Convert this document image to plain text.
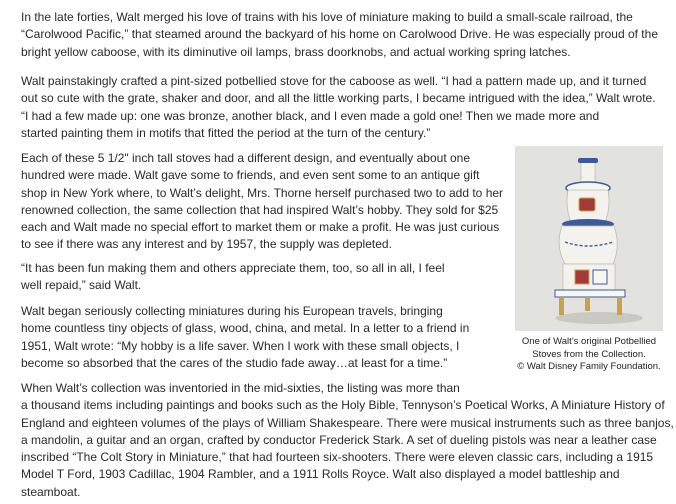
In the late forties, Walt merged his love of trains with his love of miniature making to build a small-scale railroad, the
“Carolwood Pacific,” that steamed around the backyard of his home on Carolwood Drive. He was especially proud of the
bright yellow caboose, with its diminutive oil lamps, brass doorknobs, and actual working spring latches.

Walt painstakingly crafted a pint-sized potbellied stove for the caboose as well. “I had a pattern made up, and it turned
out so cute with the grate, shaker and door, and all the little working parts, I became intrigued with the idea,” Walt wrote.
“I had a few made up: one was bronze, another black, and I even made a gold one! Then we made more and
started painting them in motifs that fitted the period at the turn of the century.”

Each of these 5 1/2" inch tall stoves had a different design, and eventually about one
hundred were made. Walt gave some to friends, and even sent some to an antique gift
shop in New York where, to Walt’s delight, Mrs. Thorne herself purchased two to add to her
renowned collection, the same collection that had inspired Walt’s hobby. They sold for $25
each and Walt made no special effort to market them or make a profit. He was just curious
to see if there was any interest and by 1957, the supply was depleted.

“It has been fun making them and others appreciate them, too, so all in all, I feel
well repaid,” said Walt.

Walt began seriously collecting miniatures during his European travels, bringing
home countless tiny objects of glass, wood, china, and metal. In a letter to a friend in
1951, Walt wrote: “My hobby is a life saver. When I work with these small objects, I
become so absorbed that the cares of the studio fade away…at least for a time.”

When Walt’s collection was inventoried in the mid-sixties, the listing was more than
a thousand items including paintings and books such as the Holy Bible, Tennyson’s Poetical Works, A Miniature History of
England and eighteen volumes of the plays of William Shakespeare. There were musical instruments such as three banjos,
a mandolin, a guitar and an organ, crafted by conductor Frederick Stark. A set of dueling pistols was near a leather case
inscribed “The Colt Story in Miniature,” that had fourteen six-shooters. There were eleven classic cars, including a 1915
Model T Ford, 1903 Cadillac, 1904 Rambler, and a 1911 Rolls Royce. Walt also displayed a model battleship and
steamboat.

One of Walt’s original Potbellied
Stoves from the Collection.
© Walt Disney Family Foundation.
